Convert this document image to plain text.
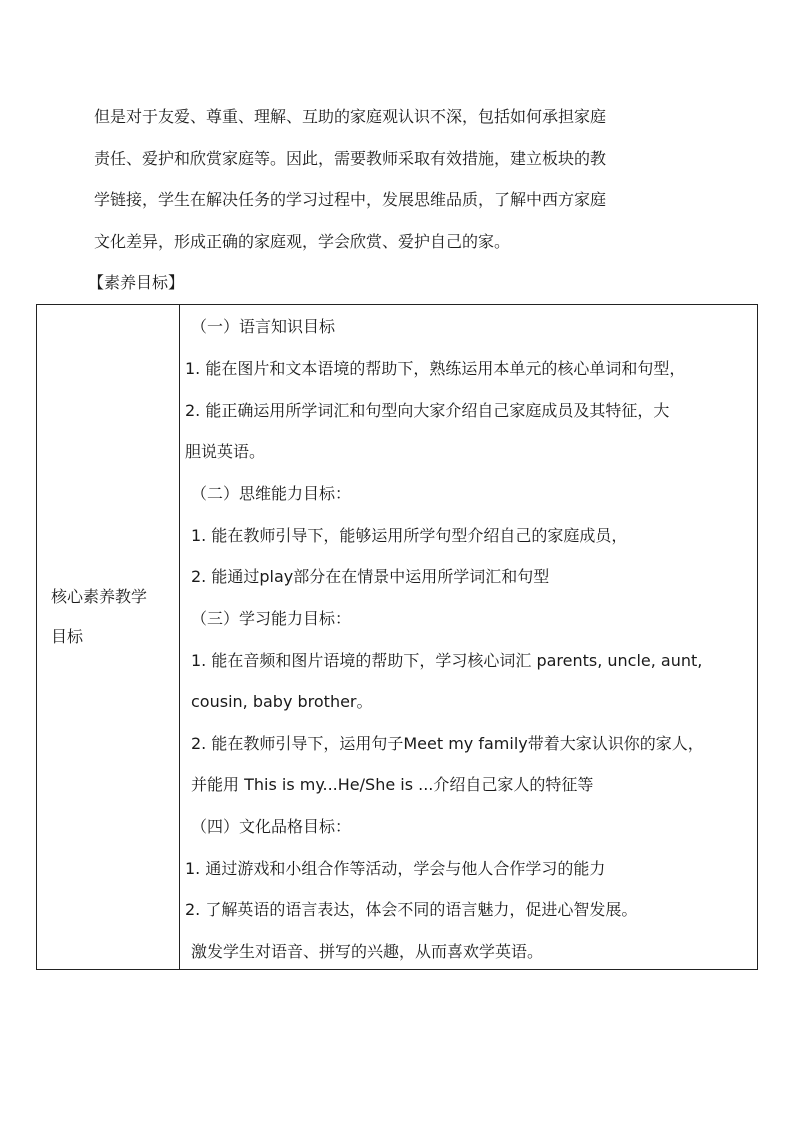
但是对于友爱、尊重、理解、互助的家庭观认识不深，包括如何承担家庭
责任、爱护和欣赏家庭等。因此，需要教师采取有效措施，建立板块的教
学链接，学生在解决任务的学习过程中，发展思维品质，了解中西方家庭
文化差异，形成正确的家庭观，学会欣赏、爱护自己的家。
【素养目标】
核心素养教学
目标
（一）语言知识目标
1. 能在图片和文本语境的帮助下，熟练运用本单元的核心单词和句型，
2. 能正确运用所学词汇和句型向大家介绍自己家庭成员及其特征，大
胆说英语。
（二）思维能力目标：
1. 能在教师引导下，能够运用所学句型介绍自己的家庭成员，
2. 能通过play部分在在情景中运用所学词汇和句型
（三）学习能力目标：
1. 能在音频和图片语境的帮助下，学习核心词汇 parents, uncle, aunt,
cousin, baby brother。
2. 能在教师引导下，运用句子Meet my family带着大家认识你的家人，
并能用 This is my...He/She is ...介绍自己家人的特征等
（四）文化品格目标：
1. 通过游戏和小组合作等活动，学会与他人合作学习的能力
2. 了解英语的语言表达，体会不同的语言魅力，促进心智发展。
激发学生对语音、拼写的兴趣，从而喜欢学英语。
